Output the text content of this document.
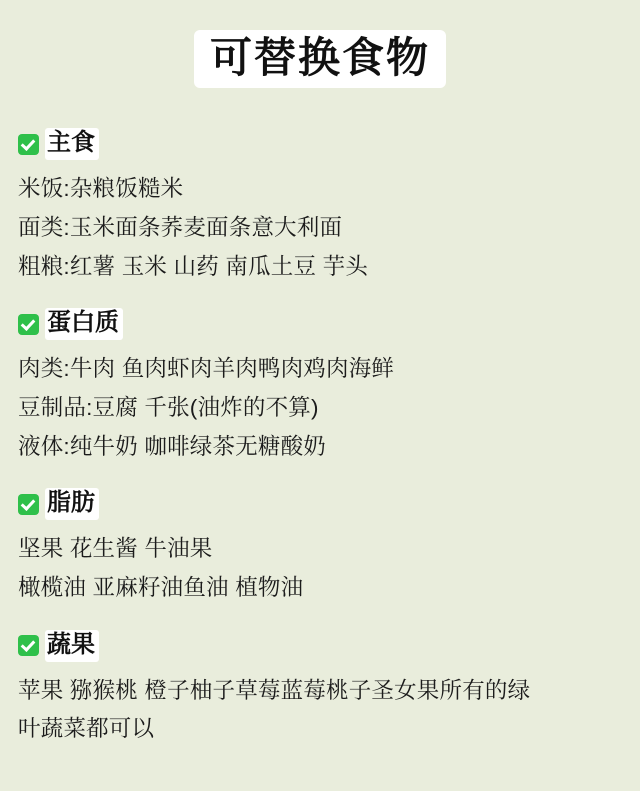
可替换食物
主食
米饭:杂粮饭糙米
面类:玉米面条荞麦面条意大利面
粗粮:红薯 玉米 山药 南瓜土豆 芋头
蛋白质
肉类:牛肉 鱼肉虾肉羊肉鸭肉鸡肉海鲜
豆制品:豆腐 千张(油炸的不算)
液体:纯牛奶 咖啡绿茶无糖酸奶
脂肪
坚果 花生酱 牛油果
橄榄油 亚麻籽油鱼油 植物油
蔬果
苹果 猕猴桃 橙子柚子草莓蓝莓桃子圣女果所有的绿
叶蔬菜都可以
